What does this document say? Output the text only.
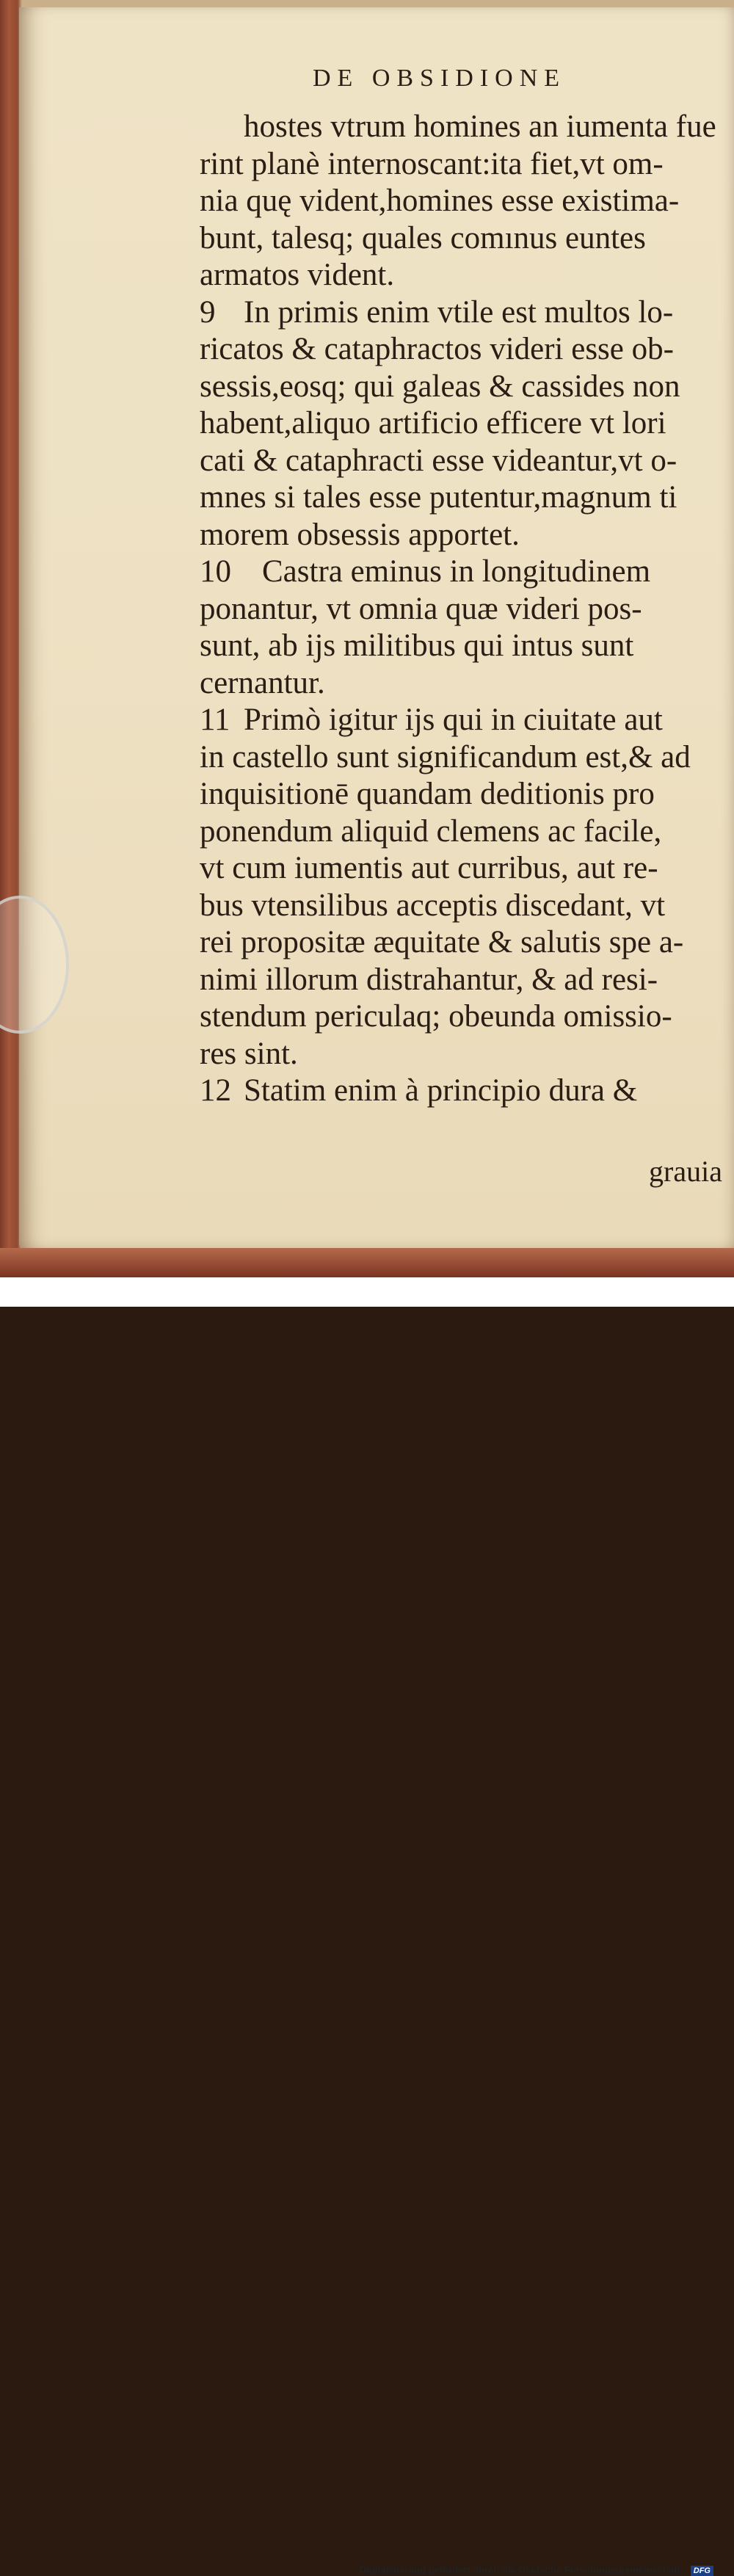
DE OBSIDIONE
hostes vtrum homines an iumenta fue
rint planè internoscant:ita fiet,vt om-
nia quę vident,homines esse existima-
bunt, talesq; quales comınus euntes
armatos vident.
9 In primis enim vtile est multos lo-
ricatos & cataphractos videri esse ob-
sessis,eosq; qui galeas & cassides non
habent,aliquo artificio efficere vt lori
cati & cataphracti esse videantur,vt o-
mnes si tales esse putentur,magnum ti
morem obsessis apportet.
10 Castra eminus in longitudinem
ponantur, vt omnia quæ videri pos-
sunt, ab ijs militibus qui intus sunt
cernantur.
11 Primò igitur ijs qui in ciuitate aut
in castello sunt significandum est,& ad
inquisitionē quandam deditionis pro
ponendum aliquid clemens ac facile,
vt cum iumentis aut curribus, aut re-
bus vtensilibus acceptis discedant, vt
rei propositæ æquitate & salutis spe a-
nimi illorum distrahantur, & ad resi-
stendum periculaq; obeunda omissio-
res sint.
12 Statim enim à principio dura &
grauia
Digitalisierung gefördert durch die Deutsche Forschungsgemeinschaft - DFG
